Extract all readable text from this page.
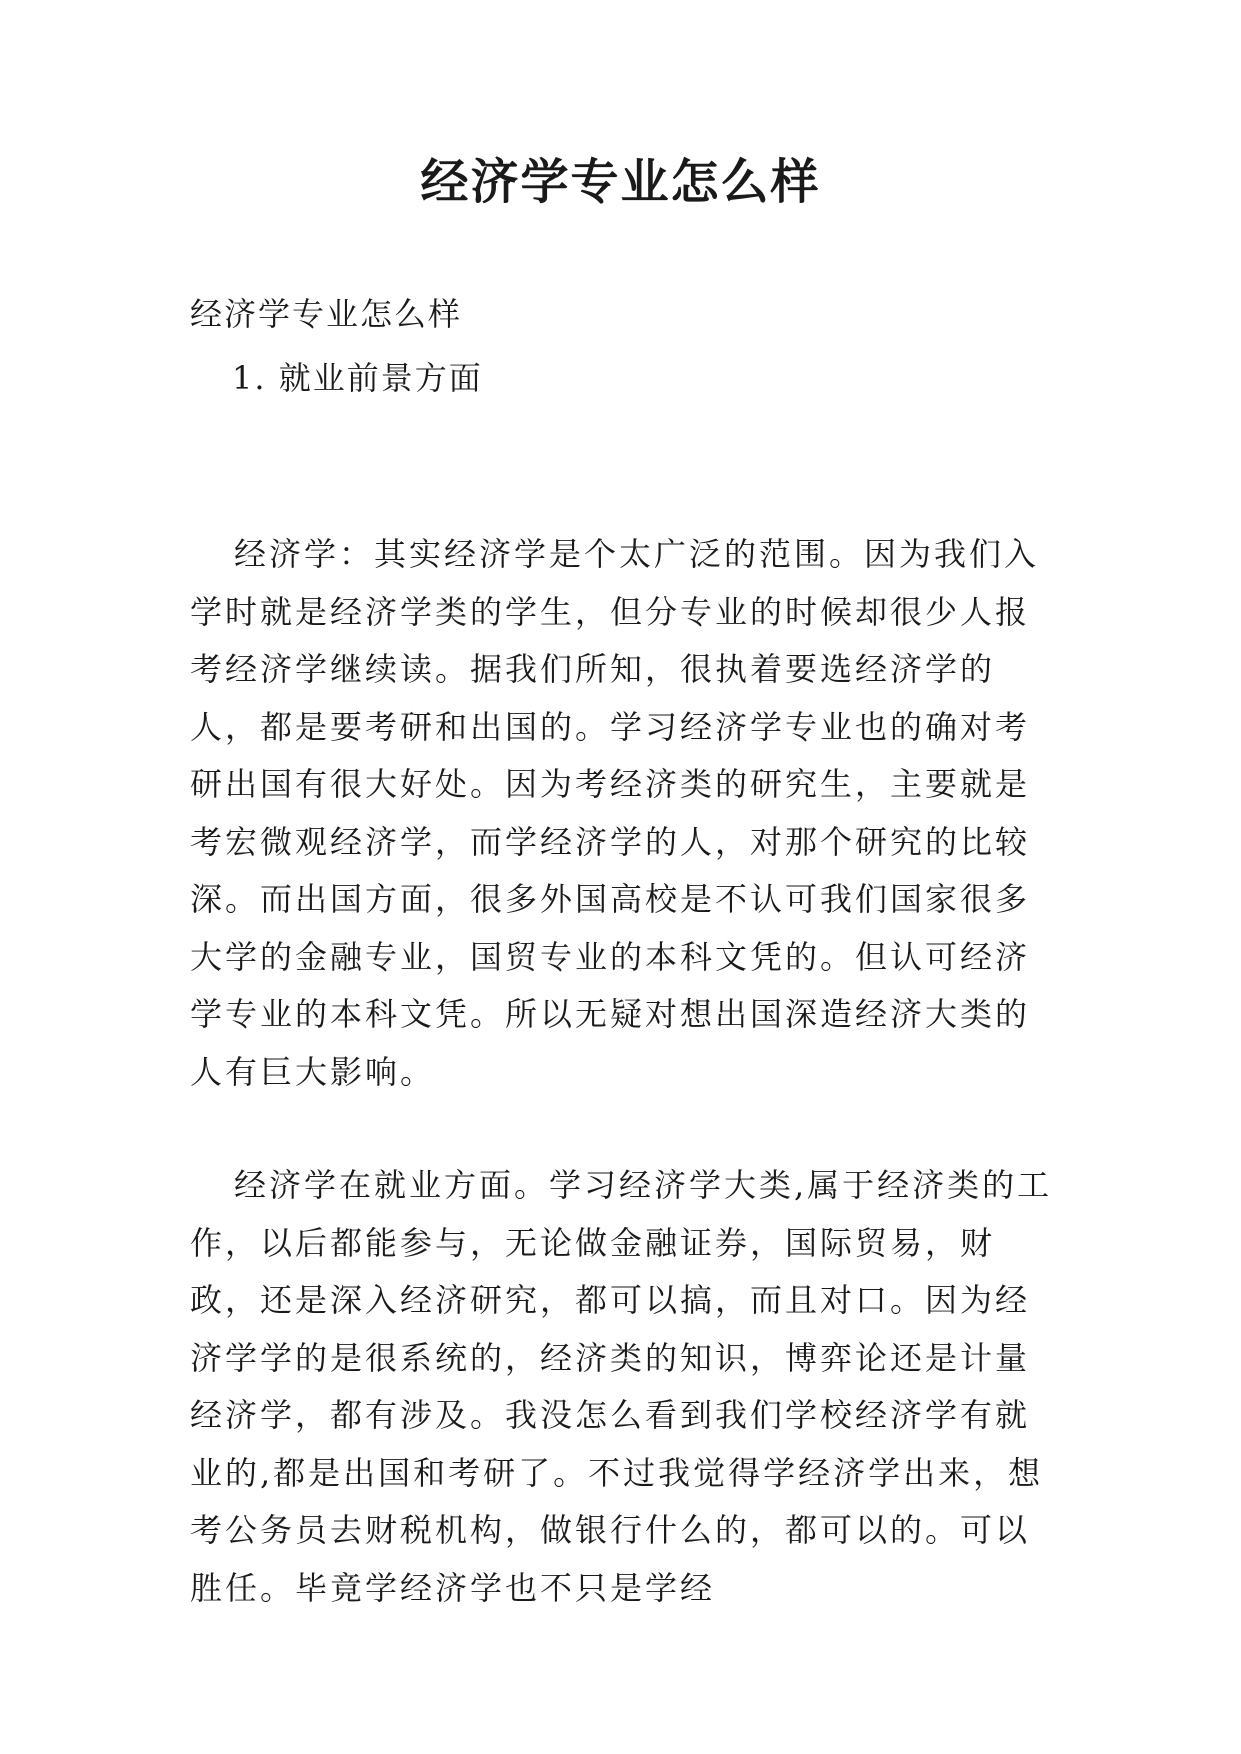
经济学专业怎么样
经济学专业怎么样
1. 就业前景方面

经济学：其实经济学是个太广泛的范围。因为我们入学时就是经济学类的学生，但分专业的时候却很少人报考经济学继续读。据我们所知，很执着要选经济学的人，都是要考研和出国的。学习经济学专业也的确对考研出国有很大好处。因为考经济类的研究生，主要就是考宏微观经济学，而学经济学的人，对那个研究的比较深。而出国方面，很多外国高校是不认可我们国家很多大学的金融专业，国贸专业的本科文凭的。但认可经济学专业的本科文凭。所以无疑对想出国深造经济大类的人有巨大影响。

经济学在就业方面。学习经济学大类,属于经济类的工作，以后都能参与，无论做金融证券，国际贸易，财政，还是深入经济研究，都可以搞，而且对口。因为经济学学的是很系统的，经济类的知识，博弈论还是计量经济学，都有涉及。我没怎么看到我们学校经济学有就业的,都是出国和考研了。不过我觉得学经济学出来，想考公务员去财税机构，做银行什么的，都可以的。可以胜任。毕竟学经济学也不只是学经
